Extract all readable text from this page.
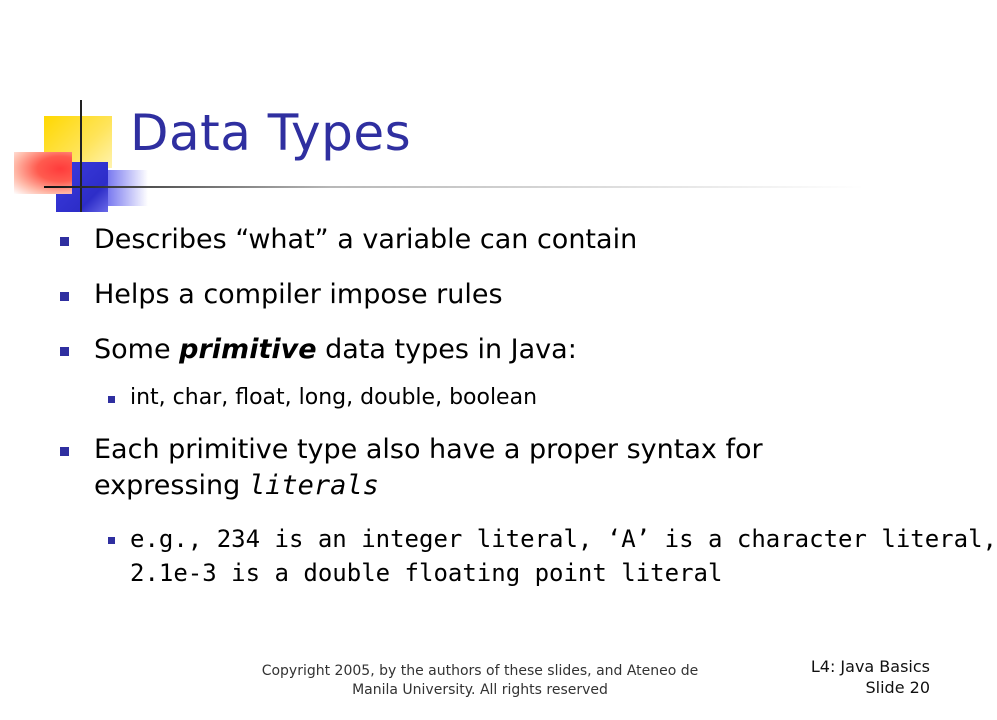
Data Types
Describes “what” a variable can contain
Helps a compiler impose rules
Some primitive data types in Java:
int, char, float, long, double, boolean
Each primitive type also have a proper syntax for
expressing literals
e.g., 234 is an integer literal, ‘A’ is a character literal,
2.1e-3 is a double floating point literal
Copyright 2005, by the authors of these slides, and Ateneo de
Manila University. All rights reserved
L4: Java Basics
Slide 20
